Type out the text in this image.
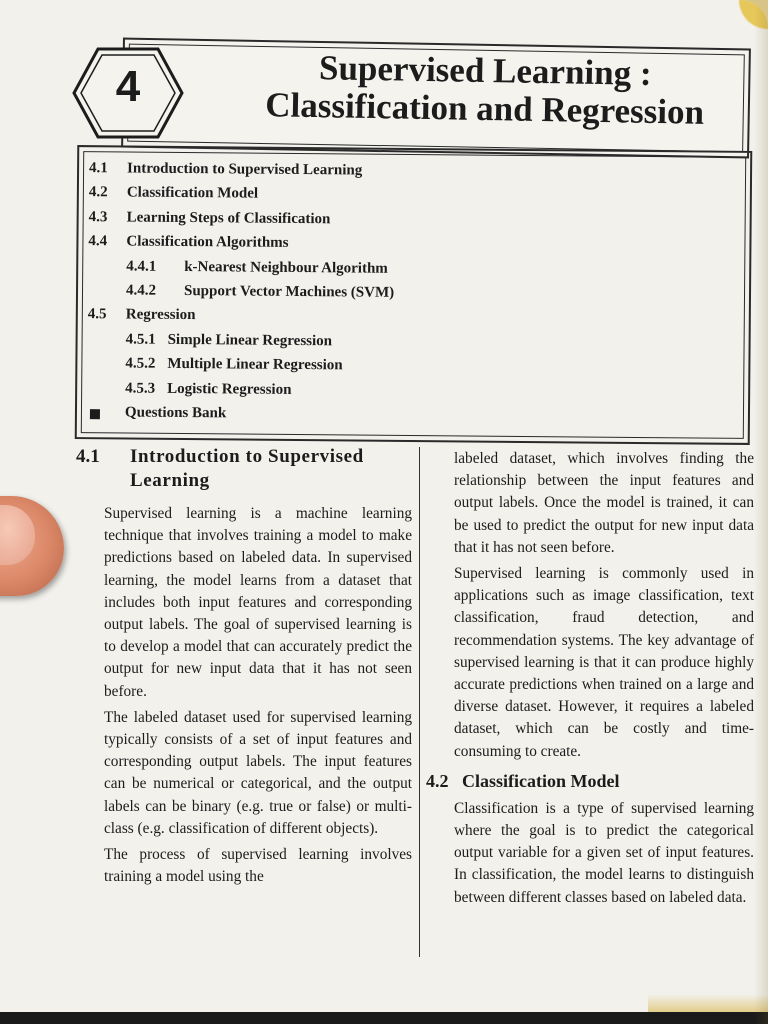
4	Supervised Learning :
Classification and Regression
4.1 Introduction to Supervised Learning
4.2 Classification Model
4.3 Learning Steps of Classification
4.4 Classification Algorithms
4.4.1 k-Nearest Neighbour Algorithm
4.4.2 Support Vector Machines (SVM)
4.5 Regression
4.5.1 Simple Linear Regression
4.5.2 Multiple Linear Regression
4.5.3 Logistic Regression
Questions Bank
4.1	Introduction to Supervised Learning

Supervised learning is a machine learning technique that involves training a model to make predictions based on labeled data. In supervised learning, the model learns from a dataset that includes both input features and corresponding output labels. The goal of supervised learning is to develop a model that can accurately predict the output for new input data that it has not seen before.

The labeled dataset used for supervised learning typically consists of a set of input features and corresponding output labels. The input features can be numerical or categorical, and the output labels can be binary (e.g. true or false) or multi-class (e.g. classification of different objects).

The process of supervised learning involves training a model using the

labeled dataset, which involves finding the relationship between the input features and output labels. Once the model is trained, it can be used to predict the output for new input data that it has not seen before.

Supervised learning is commonly used in applications such as image classification, text classification, fraud detection, and recommendation systems. The key advantage of supervised learning is that it can produce highly accurate predictions when trained on a large and diverse dataset. However, it requires a labeled dataset, which can be costly and time-consuming to create.

4.2 Classification Model

Classification is a type of supervised learning where the goal is to predict the categorical output variable for a given set of input features. In classification, the model learns to distinguish between different classes based on labeled data.
